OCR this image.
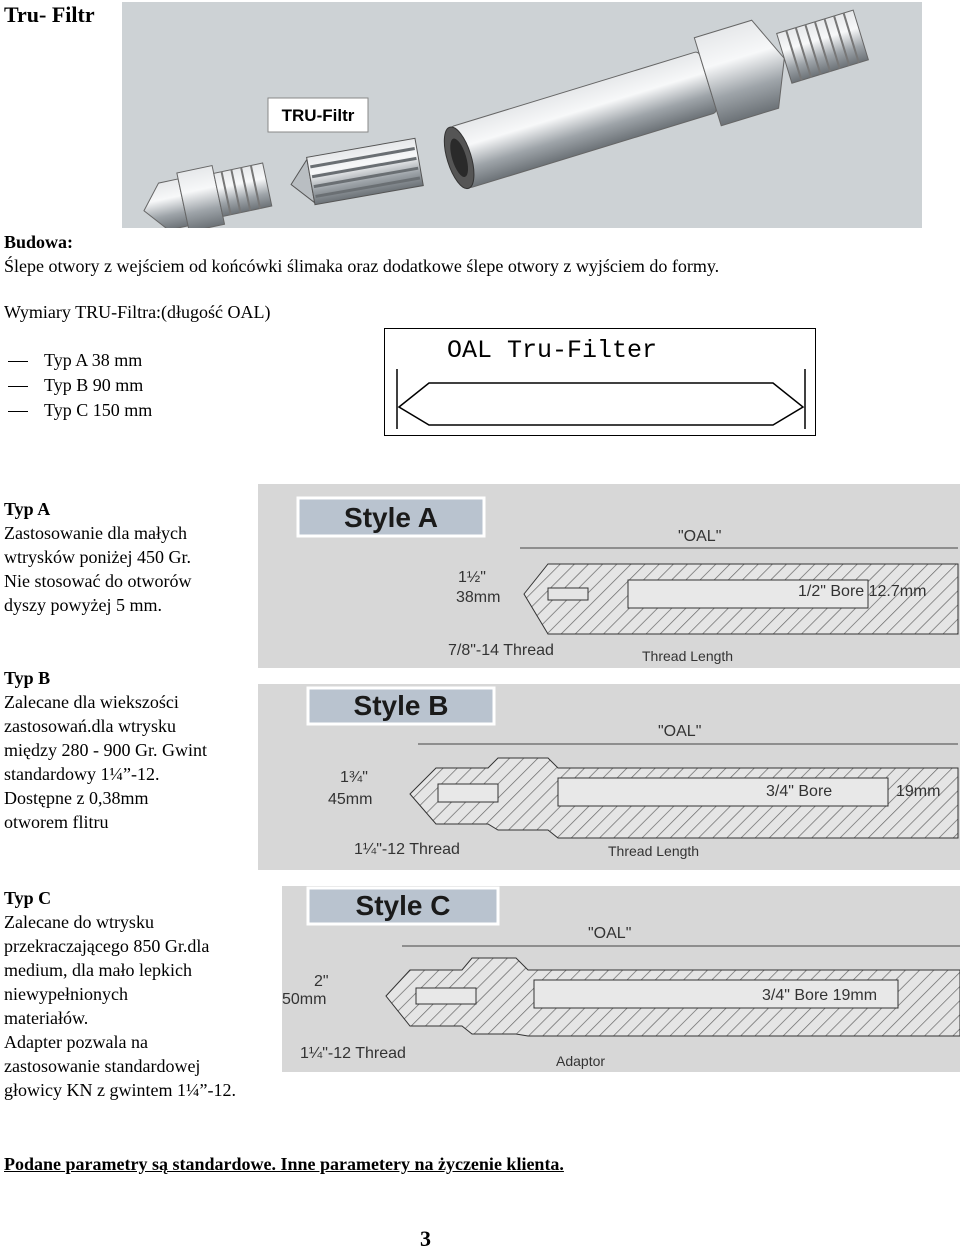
Tru- Filtr
TRU-Filtr
Budowa:
Ślepe otwory z wejściem od końcówki ślimaka oraz dodatkowe ślepe otwory z wyjściem do formy.
Wymiary TRU-Filtra:(długość OAL)
Typ A 38 mm
Typ B 90 mm
Typ C 150 mm
OAL Tru-Filter
Typ A
Zastosowanie dla małych
wtrysków poniżej 450 Gr.
Nie stosować do otworów
dyszy powyżej 5 mm.
Style A
"OAL"
1½"
38mm	1/2" Bore 12.7mm
7/8"-14 Thread	Thread Length
Typ B
Zalecane dla wiekszości
zastosowań.dla wtrysku
między 280 - 900 Gr. Gwint
standardowy 1¼”-12.
Dostępne z 0,38mm
otworem flitru
Style B
"OAL"
1¾"
45mm	3/4" Bore	19mm
1¼"-12 Thread	Thread Length
Typ C
Zalecane do wtrysku
przekraczającego 850 Gr.dla
medium, dla mało lepkich
niewypełnionych
materiałów.
Adapter pozwala na
zastosowanie standardowej
głowicy KN z gwintem 1¼”-12.
Style C
"OAL"
2"
50mm	3/4" Bore 19mm
1¼"-12 Thread	Adaptor
Podane parametry są standardowe. Inne parametery na życzenie klienta.
3
